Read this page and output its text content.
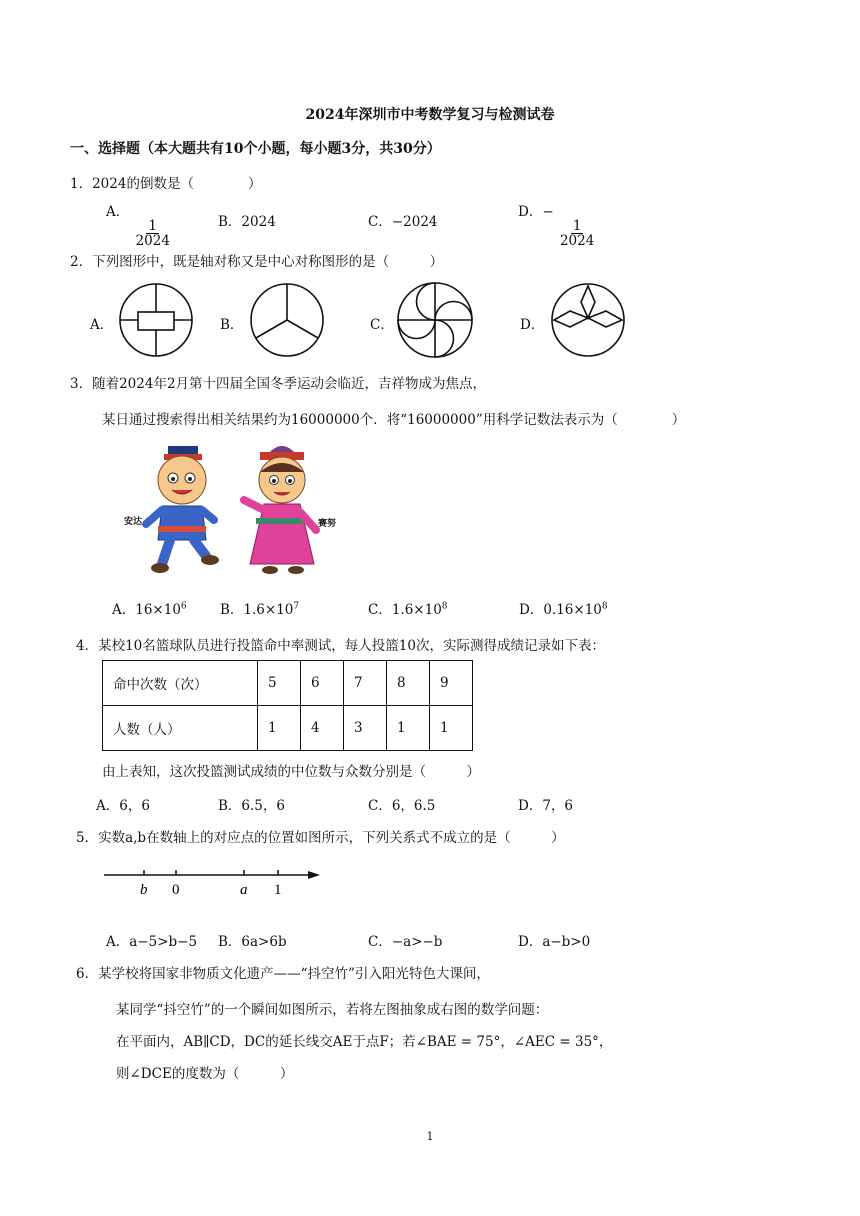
2024年深圳市中考数学复习与检测试卷
一、选择题（本大题共有10个小题，每小题3分，共30分）
1．2024的倒数是（　　　　）
A．
$\frac{1}{2024}$	B．2024	C．−2024
D．−
$\frac{1}{2024}$
2．下列图形中，既是轴对称又是中心对称图形的是（　　　）
A．	B．	C．	D．
3．随着2024年2月第十四届全国冬季运动会临近，吉祥物成为焦点，
某日通过搜索得出相关结果约为16000000个．将“16000000”用科学记数法表示为（　　　　）
安达	赛努
A．$16\times 10^6$ B．$1.6\times 10^7$	C．$1.6\times 10^8$	D．$0.16\times 10^8$
4．某校10名篮球队员进行投篮命中率测试，每人投篮10次，实际测得成绩记录如下表：
命中次数（次）	5	6	7	8	9
人数（人）	1	4	3	1	1
由上表知，这次投篮测试成绩的中位数与众数分别是（　　　）
A．6，6	B．6.5，6	C．6，6.5	D．7，6
5．实数a,b在数轴上的对应点的位置如图所示，下列关系式不成立的是（　　　）
b 0	a 1
A．a−5>b−5 B．6a>6b	C．−a>−b	D．a−b>0
6．某学校将国家非物质文化遗产——“抖空竹”引入阳光特色大课间，
某同学“抖空竹”的一个瞬间如图所示，若将左图抽象成右图的数学问题：
在平面内，AB∥CD，DC的延长线交AE于点F；若∠BAE = 75°，∠AEC = 35°，
则∠DCE的度数为（　　　）
1
